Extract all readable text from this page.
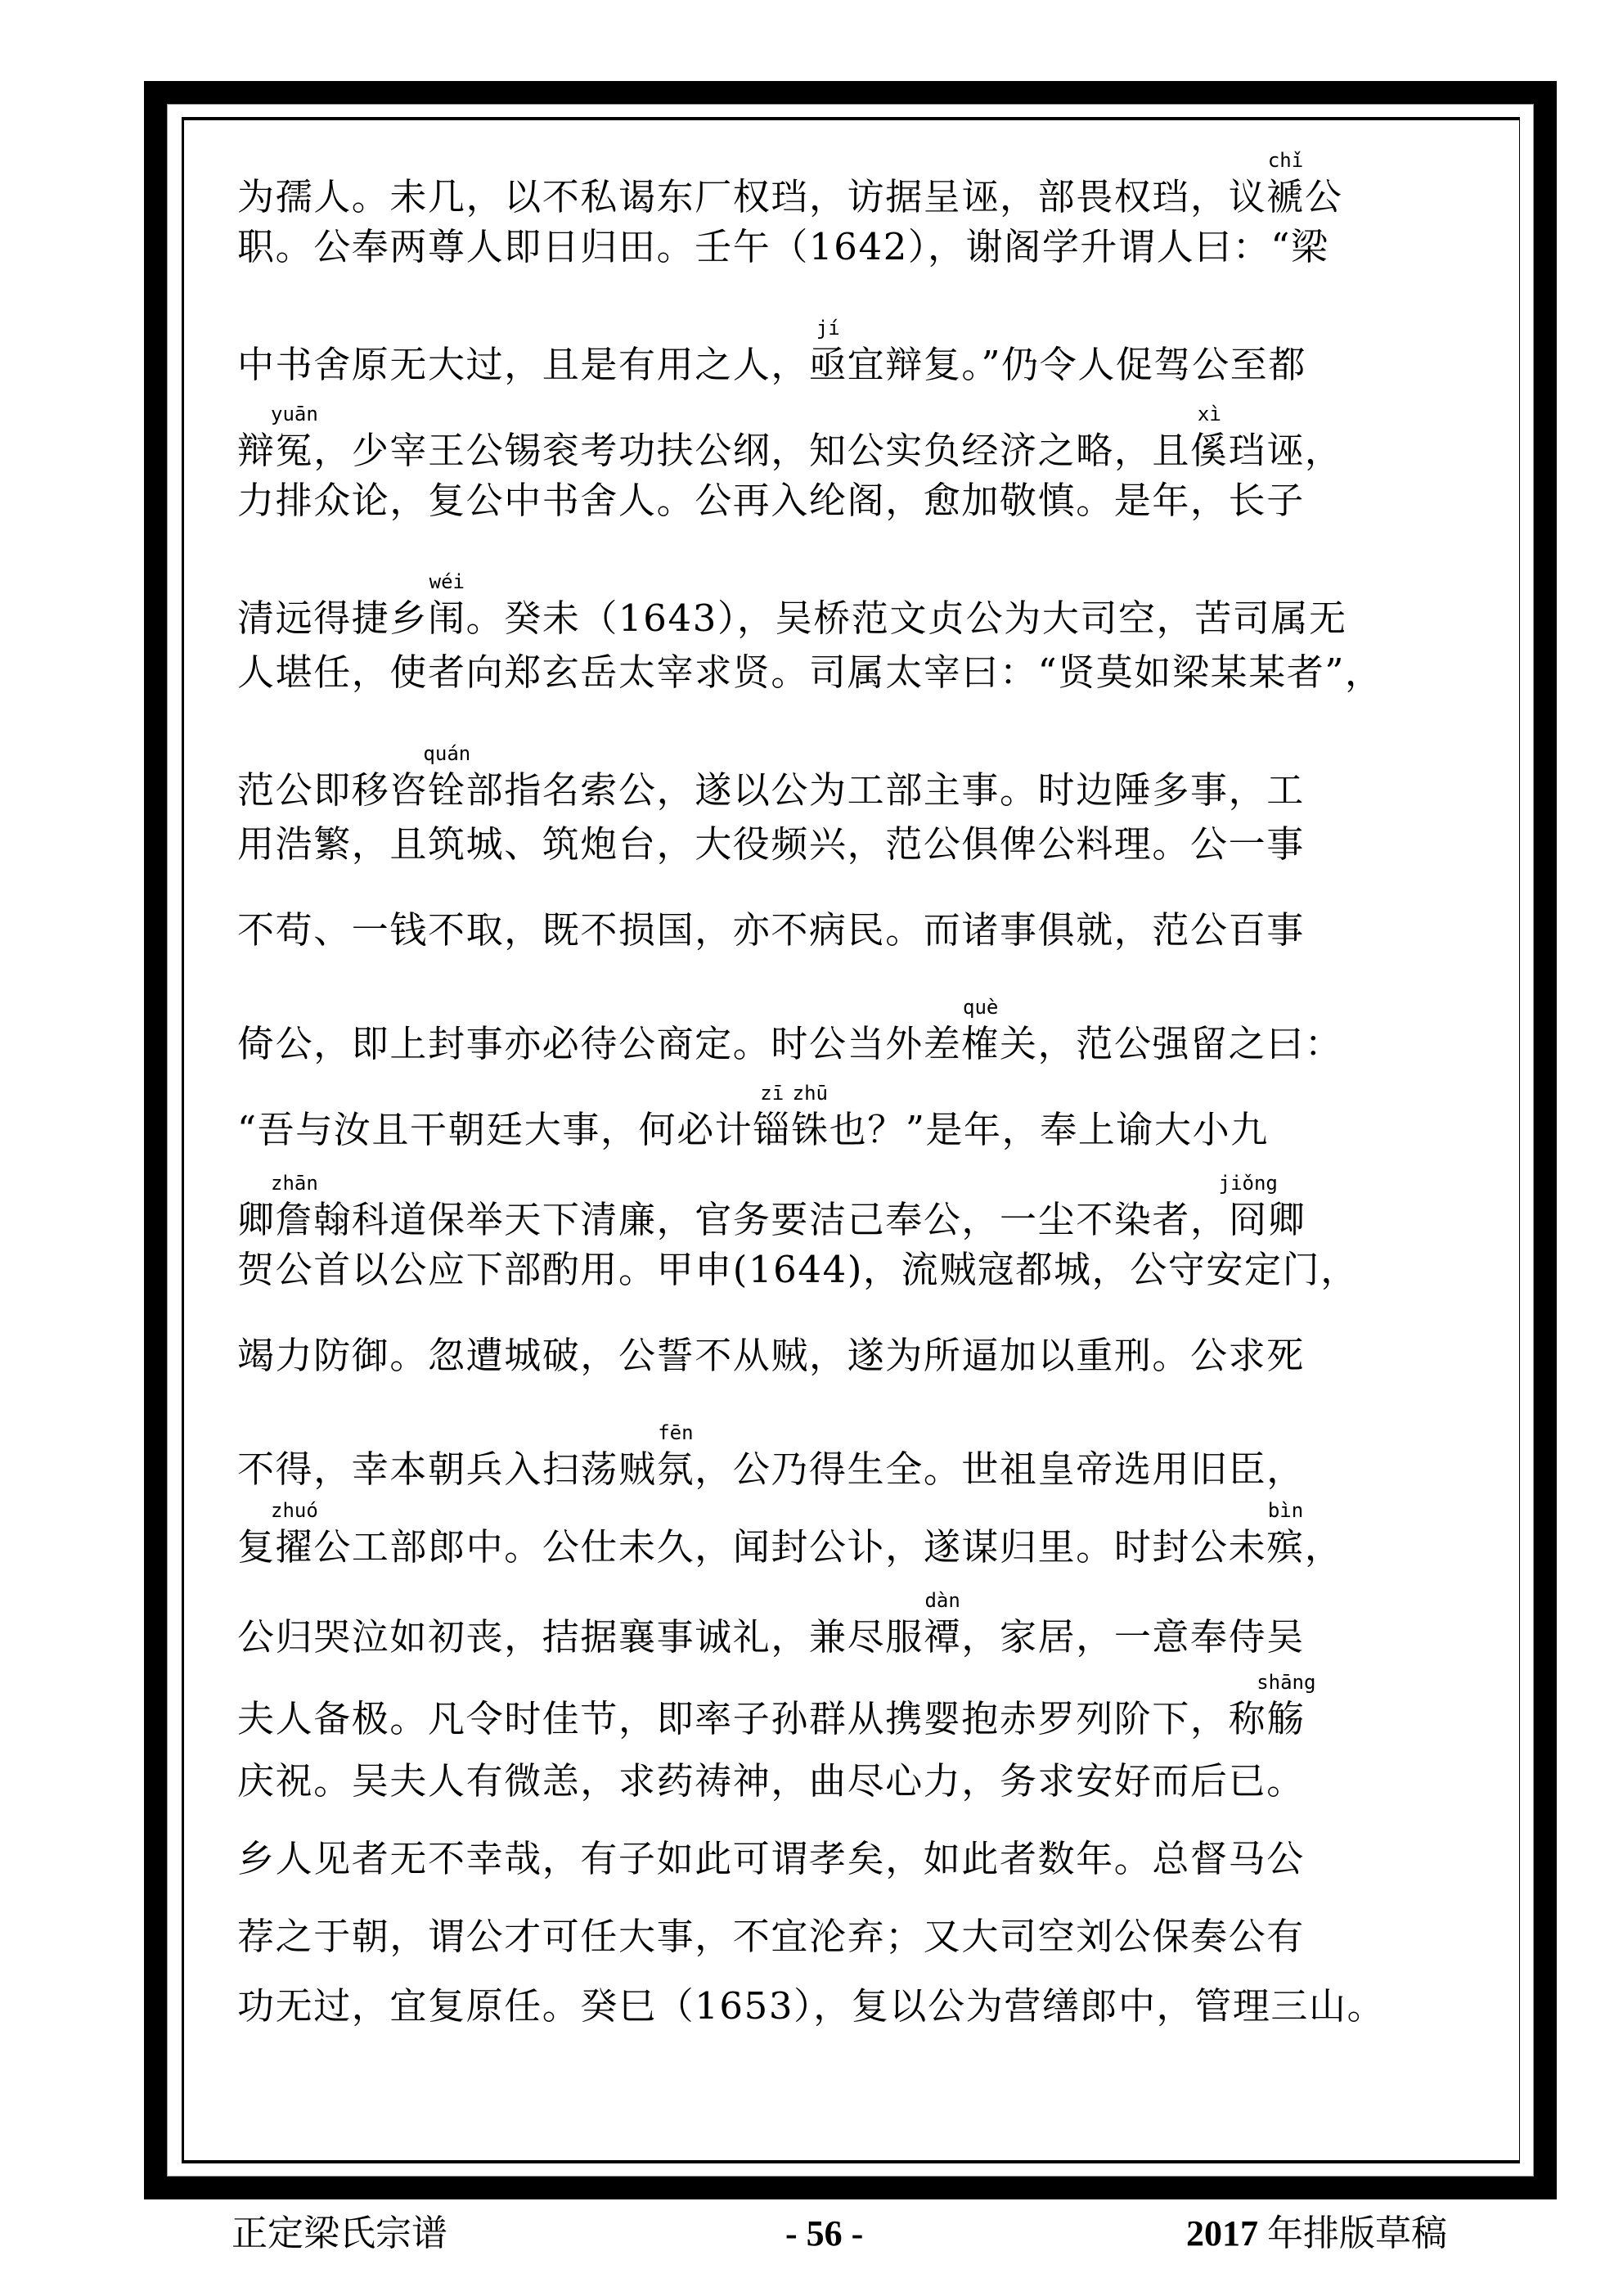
为孺人。未几，以不私谒东厂权珰，访据呈诬，部畏权珰，议褫chǐ公
职。公奉两尊人即日归田。壬午（1642），谢阁学升谓人曰：“梁
中书舍原无大过，且是有用之人，亟jí宜辩复。”仍令人促驾公至都
辩冤yuān，少宰王公锡衮考功扶公纲，知公实负经济之略，且傒xì珰诬，
力排众论，复公中书舍人。公再入纶阁，愈加敬慎。是年，长子
清远得捷乡闱wéi。癸未（1643），吴桥范文贞公为大司空，苦司属无
人堪任，使者向郑玄岳太宰求贤。司属太宰曰：“贤莫如梁某某者”，
范公即移咨铨quán部指名索公，遂以公为工部主事。时边陲多事，工
用浩繁，且筑城、筑炮台，大役频兴，范公俱俾公料理。公一事
不苟、一钱不取，既不损国，亦不病民。而诸事俱就，范公百事
倚公，即上封事亦必待公商定。时公当外差榷què关，范公强留之曰：
“吾与汝且干朝廷大事，何必计锱zī铢zhū也？”是年，奉上谕大小九
卿詹zhān翰科道保举天下清廉，官务要洁己奉公，一尘不染者，冏jiǒng卿
贺公首以公应下部酌用。甲申(1644)，流贼寇都城，公守安定门，
竭力防御。忽遭城破，公誓不从贼，遂为所逼加以重刑。公求死
不得，幸本朝兵入扫荡贼氛fēn，公乃得生全。世祖皇帝选用旧臣，
复擢zhuó公工部郎中。公仕未久，闻封公讣，遂谋归里。时封公未殡bìn，
公归哭泣如初丧，拮据襄事诚礼，兼尽服禫dàn，家居，一意奉侍吴
夫人备极。凡令时佳节，即率子孙群从携婴抱赤罗列阶下，称觞shāng
庆祝。吴夫人有微恙，求药祷神，曲尽心力，务求安好而后已。
乡人见者无不幸哉，有子如此可谓孝矣，如此者数年。总督马公
荐之于朝，谓公才可任大事，不宜沦弃；又大司空刘公保奏公有
功无过，宜复原任。癸巳（1653），复以公为营缮郎中，管理三山。
正定梁氏宗谱	- 56 -	2017 年排版草稿
